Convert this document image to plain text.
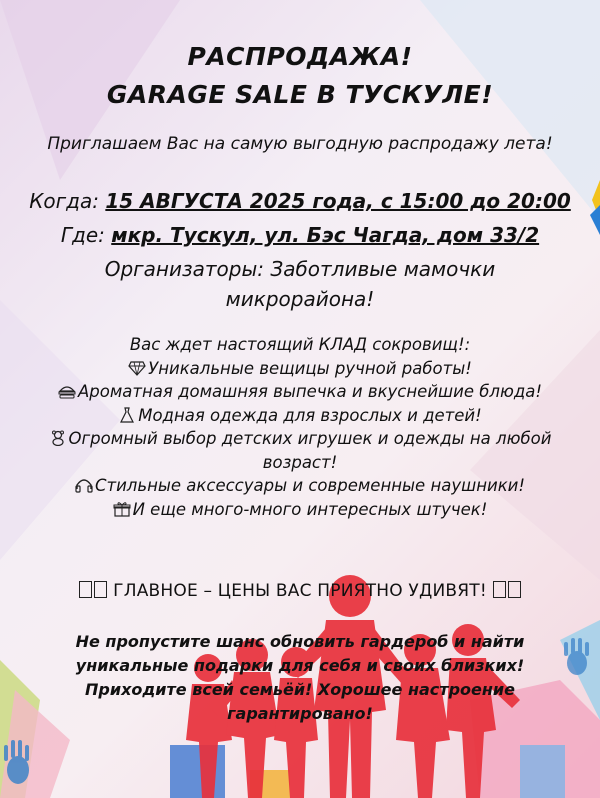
РАСПРОДАЖА!
GARAGE SALE В ТУСКУЛЕ!
Приглашаем Вас на самую выгодную распродажу лета!
Когда: 15 АВГУСТА 2025 года, с 15:00 до 20:00
Где: мкр. Тускул, ул. Бэс Чагда, дом 33/2
Организаторы: Заботливые мамочки микрорайона!
Вас ждет настоящий КЛАД сокровищ!:
Уникальные вещицы ручной работы!
Ароматная домашняя выпечка и вкуснейшие блюда!
Модная одежда для взрослых и детей!
Огромный выбор детских игрушек и одежды на любой возраст!
Стильные аксессуары и современные наушники!
И еще много-много интересных штучек!
ГЛАВНОЕ – ЦЕНЫ ВАС ПРИЯТНО УДИВЯТ!
Не пропустите шанс обновить гардероб и найти уникальные подарки для себя и своих близких! Приходите всей семьёй! Хорошее настроение гарантировано!
